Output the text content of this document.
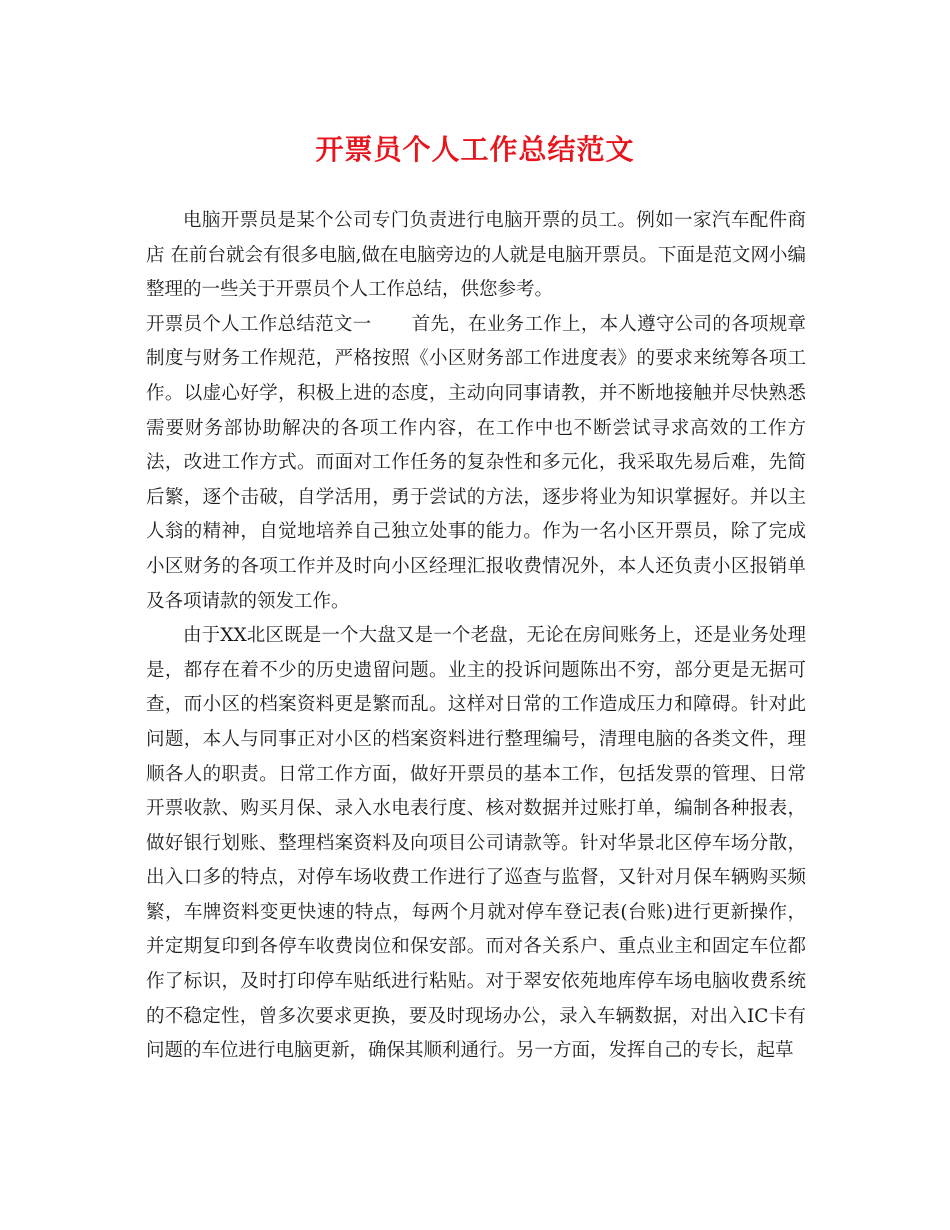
开票员个人工作总结范文

电脑开票员是某个公司专门负责进行电脑开票的员工。例如一家汽车配件商店 在前台就会有很多电脑,做在电脑旁边的人就是电脑开票员。下面是范文网小编整理的一些关于开票员个人工作总结，供您参考。

开票员个人工作总结范文一 首先，在业务工作上，本人遵守公司的各项规章制度与财务工作规范，严格按照《小区财务部工作进度表》的要求来统筹各项工作。以虚心好学，积极上进的态度，主动向同事请教，并不断地接触并尽快熟悉需要财务部协助解决的各项工作内容，在工作中也不断尝试寻求高效的工作方法，改进工作方式。而面对工作任务的复杂性和多元化，我采取先易后难，先简后繁，逐个击破，自学活用，勇于尝试的方法，逐步将业为知识掌握好。并以主人翁的精神，自觉地培养自己独立处事的能力。作为一名小区开票员，除了完成小区财务的各项工作并及时向小区经理汇报收费情况外，本人还负责小区报销单及各项请款的领发工作。

由于XX北区既是一个大盘又是一个老盘，无论在房间账务上，还是业务处理是，都存在着不少的历史遗留问题。业主的投诉问题陈出不穷，部分更是无据可查，而小区的档案资料更是繁而乱。这样对日常的工作造成压力和障碍。针对此问题，本人与同事正对小区的档案资料进行整理编号，清理电脑的各类文件，理顺各人的职责。日常工作方面，做好开票员的基本工作，包括发票的管理、日常开票收款、购买月保、录入水电表行度、核对数据并过账打单，编制各种报表，做好银行划账、整理档案资料及向项目公司请款等。针对华景北区停车场分散，出入口多的特点，对停车场收费工作进行了巡查与监督，又针对月保车辆购买频繁，车牌资料变更快速的特点，每两个月就对停车登记表(台账)进行更新操作，并定期复印到各停车收费岗位和保安部。而对各关系户、重点业主和固定车位都作了标识，及时打印停车贴纸进行粘贴。对于翠安依苑地库停车场电脑收费系统的不稳定性，曾多次要求更换，要及时现场办公，录入车辆数据，对出入IC卡有问题的车位进行电脑更新，确保其顺利通行。另一方面，发挥自己的专长，起草
